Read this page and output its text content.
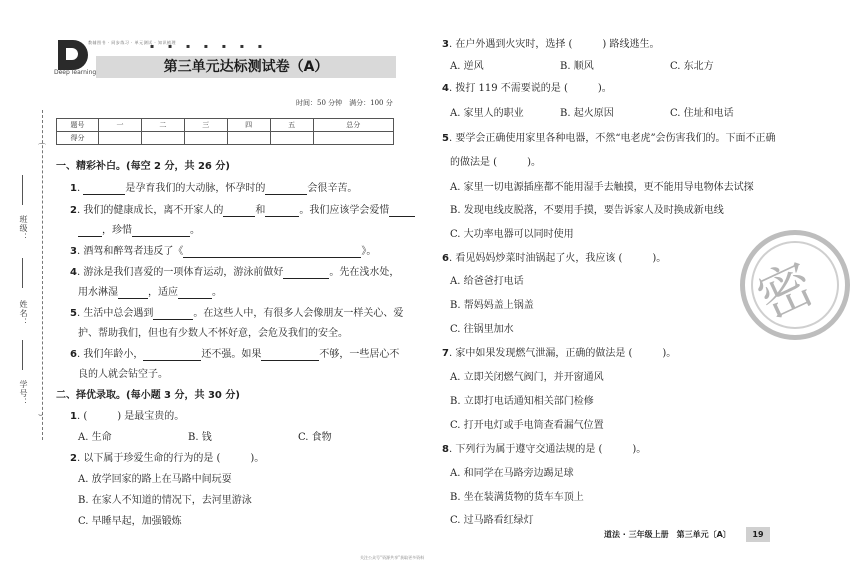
⌒
班级：
姓名：
学号：
⌣
Deep learning
教辅图书 · 同步练习 · 单元测试 · 知识梳理
▪ ▪ ▪ ▪ ▪ ▪ ▪
第三单元达标测试卷（A）
时间：50 分钟　满分：100 分
题号	一	二	三	四	五	总分
得分						
一、精彩补白。(每空 2 分，共 26 分)
1.	是孕育我们的大动脉，怀孕时的	会很辛苦。
2. 我们的健康成长，离不开家人的	和	。我们应该学会爱惜
，珍惜	。
3. 酒驾和醉驾者违反了《	》。
4. 游泳是我们喜爱的一项体育运动，游泳前做好	。先在浅水处，
用水淋湿	，适应	。
5. 生活中总会遇到	。在这些人中，有很多人会像朋友一样关心、爱
护、帮助我们，但也有少数人不怀好意，会危及我们的安全。
6. 我们年龄小，	还不强。如果	不够，一些居心不
良的人就会钻空子。
二、择优录取。(每小题 3 分，共 30 分)
1. (　　　) 是最宝贵的。
A. 生命	B. 钱	C. 食物
2. 以下属于珍爱生命的行为的是 (　　　)。
A. 放学回家的路上在马路中间玩耍
B. 在家人不知道的情况下，去河里游泳
C. 早睡早起，加强锻炼
3. 在户外遇到火灾时，选择 (　　　) 路线逃生。
A. 逆风	B. 顺风	C. 东北方
4. 拨打 119 不需要说的是 (　　　)。
A. 家里人的职业	B. 起火原因	C. 住址和电话
5. 要学会正确使用家里各种电器，不然“电老虎”会伤害我们的。下面不正确
的做法是 (　　　)。
A. 家里一切电源插座都不能用湿手去触摸，更不能用导电物体去试探
B. 发现电线皮脱落，不要用手摸，要告诉家人及时换成新电线
C. 大功率电器可以同时使用
6. 看见妈妈炒菜时油锅起了火，我应该 (　　　)。
A. 给爸爸打电话
B. 帮妈妈盖上锅盖
C. 往锅里加水
7. 家中如果发现燃气泄漏，正确的做法是 (　　　)。
A. 立即关闭燃气阀门，并开窗通风
B. 立即打电话通知相关部门检修
C. 打开电灯或手电筒查看漏气位置
8. 下列行为属于遵守交通法规的是 (　　　)。
A. 和同学在马路旁边踢足球
B. 坐在装满货物的货车车顶上
C. 过马路看红绿灯
密
道法 · 三年级上册　第三单元〔A〕	19
关注公众号“资源共享”获取更多资料
